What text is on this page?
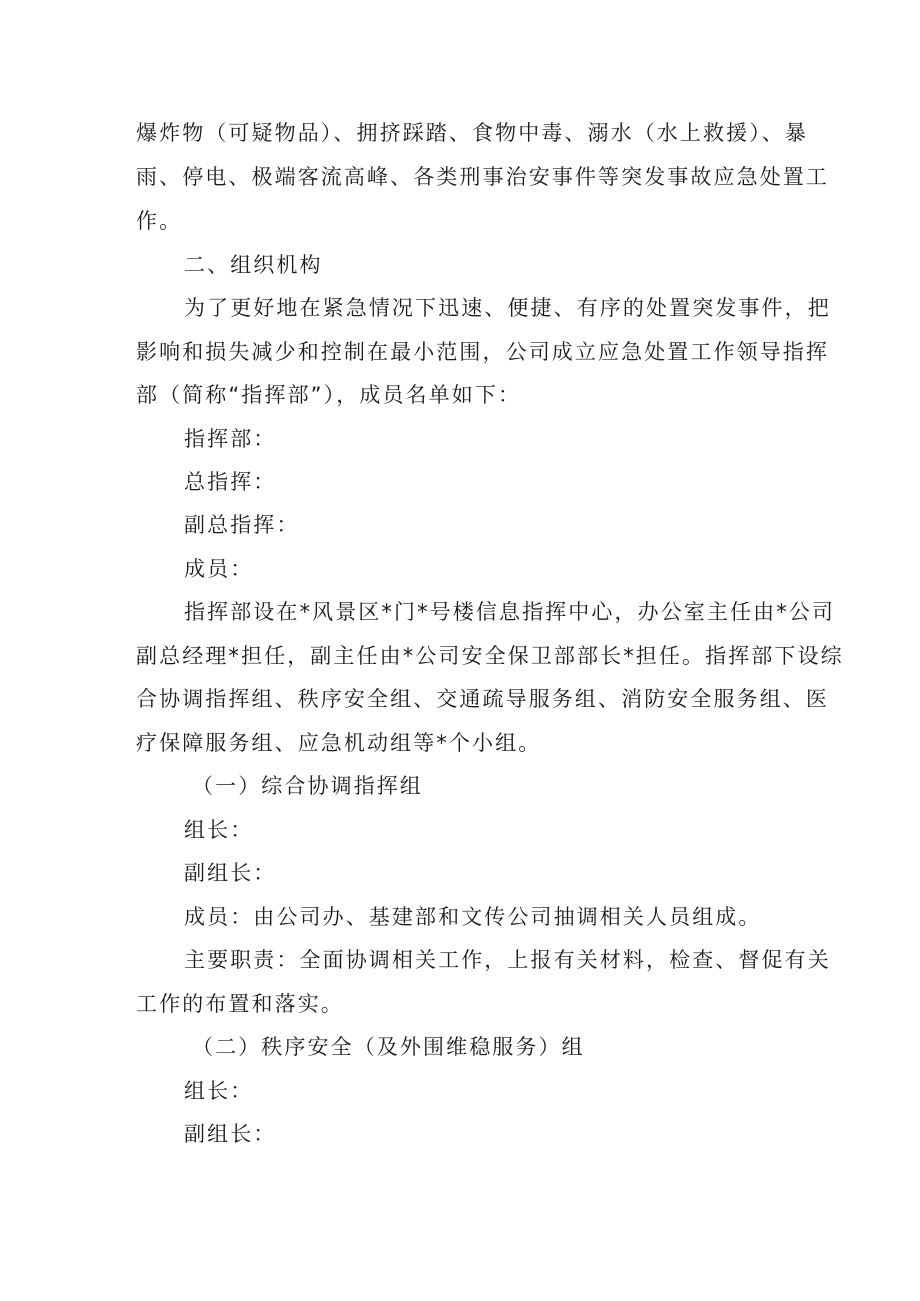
爆炸物（可疑物品）、拥挤踩踏、食物中毒、溺水（水上救援）、暴
雨、停电、极端客流高峰、各类刑事治安事件等突发事故应急处置工
作。
二、组织机构
为了更好地在紧急情况下迅速、便捷、有序的处置突发事件，把
影响和损失减少和控制在最小范围，公司成立应急处置工作领导指挥
部（简称“指挥部”），成员名单如下：
指挥部：
总指挥：
副总指挥：
成员：
指挥部设在*风景区*门*号楼信息指挥中心，办公室主任由*公司
副总经理*担任，副主任由*公司安全保卫部部长*担任。指挥部下设综
合协调指挥组、秩序安全组、交通疏导服务组、消防安全服务组、医
疗保障服务组、应急机动组等*个小组。
（一）综合协调指挥组
组长：
副组长：
成员：由公司办、基建部和文传公司抽调相关人员组成。
主要职责：全面协调相关工作，上报有关材料，检查、督促有关
工作的布置和落实。
（二）秩序安全（及外围维稳服务）组
组长：
副组长：
